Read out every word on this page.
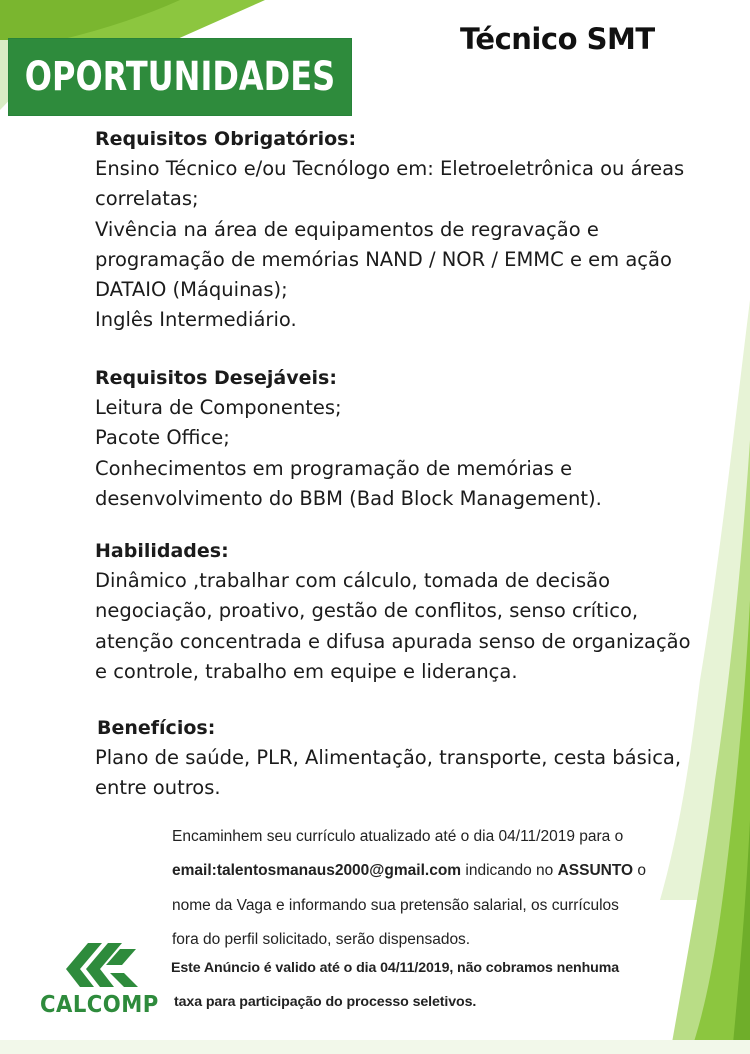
OPORTUNIDADES
Técnico SMT
Requisitos Obrigatórios:
Ensino Técnico e/ou Tecnólogo em: Eletroeletrônica ou áreas
correlatas;
Vivência na área de equipamentos de regravação e
programação de memórias NAND / NOR / EMMC e em ação
DATAIO (Máquinas);
Inglês Intermediário.
Requisitos Desejáveis:
Leitura de Componentes;
Pacote Office;
Conhecimentos em programação de memórias e
desenvolvimento do BBM (Bad Block Management).
Habilidades:
Dinâmico ,trabalhar com cálculo, tomada de decisão
negociação, proativo, gestão de conflitos, senso crítico,
atenção concentrada e difusa apurada senso de organização
e controle, trabalho em equipe e liderança.
Benefícios:
Plano de saúde, PLR, Alimentação, transporte, cesta básica,
entre outros.
Encaminhem seu currículo atualizado até o dia 04/11/2019 para o
email:talentosmanaus2000@gmail.com indicando no ASSUNTO o
nome da Vaga e informando sua pretensão salarial, os currículos
fora do perfil solicitado, serão dispensados.
Este Anúncio é valido até o dia 04/11/2019, não cobramos nenhuma
taxa para participação do processo seletivos.
CALCOMP
